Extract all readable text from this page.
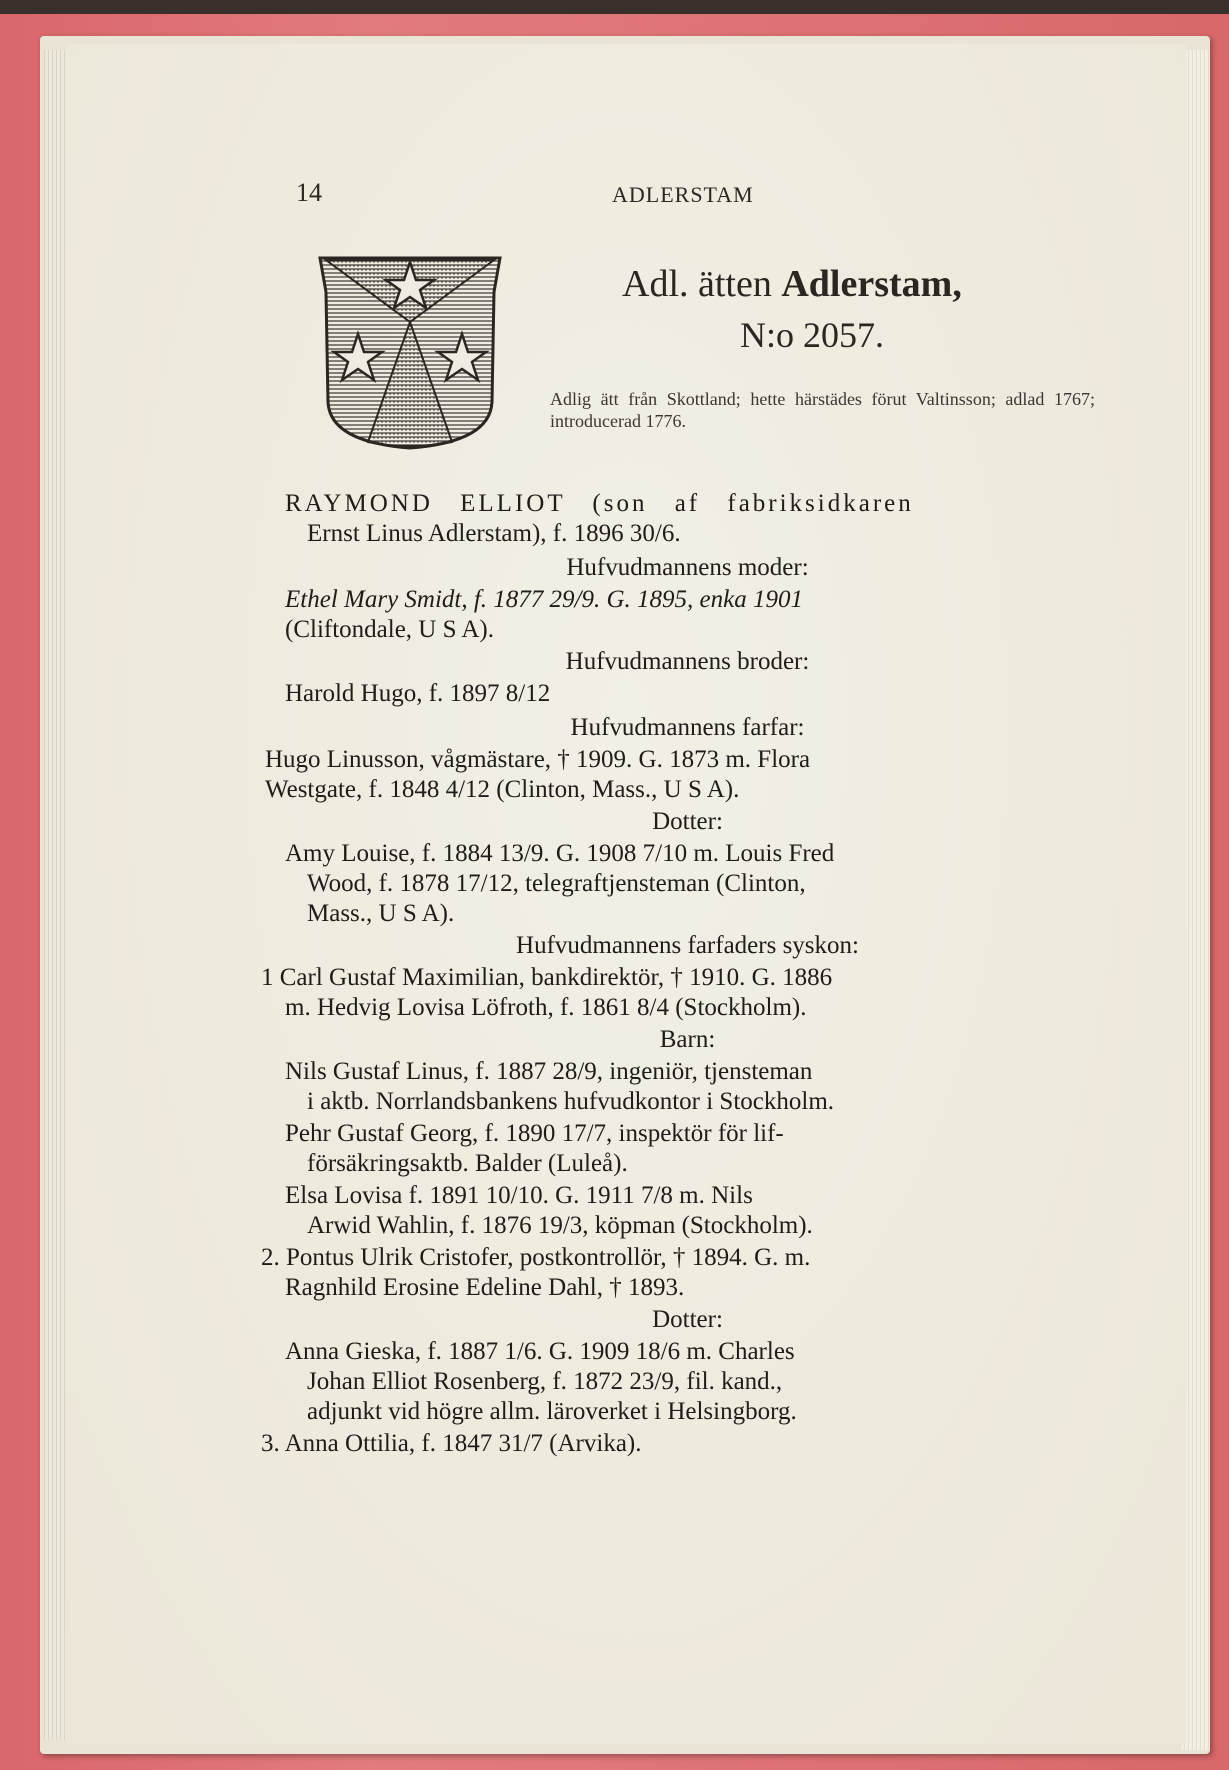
14	ADLERSTAM
Adl. ätten Adlerstam,
N:o 2057.
Adlig ätt från Skottland; hette härstädes förut Valtinsson; adlad 1767; introducerad 1776.
RAYMOND ELLIOT (son af fabriksidkaren
Ernst Linus Adlerstam), f. 1896 30/6.
Hufvudmannens moder:
Ethel Mary Smidt, f. 1877 29/9. G. 1895, enka 1901
(Cliftondale, U S A).
Hufvudmannens broder:
Harold Hugo, f. 1897 8/12
Hufvudmannens farfar:
Hugo Linusson, vågmästare, † 1909. G. 1873 m. Flora
Westgate, f. 1848 4/12 (Clinton, Mass., U S A).
Dotter:
Amy Louise, f. 1884 13/9. G. 1908 7/10 m. Louis Fred
Wood, f. 1878 17/12, telegraftjensteman (Clinton,
Mass., U S A).
Hufvudmannens farfaders syskon:
1 Carl Gustaf Maximilian, bankdirektör, † 1910. G. 1886
m. Hedvig Lovisa Löfroth, f. 1861 8/4 (Stockholm).
Barn:
Nils Gustaf Linus, f. 1887 28/9, ingeniör, tjensteman
i aktb. Norrlandsbankens hufvudkontor i Stockholm.
Pehr Gustaf Georg, f. 1890 17/7, inspektör för lif-
försäkringsaktb. Balder (Luleå).
Elsa Lovisa f. 1891 10/10. G. 1911 7/8 m. Nils
Arwid Wahlin, f. 1876 19/3, köpman (Stockholm).
2. Pontus Ulrik Cristofer, postkontrollör, † 1894. G. m.
Ragnhild Erosine Edeline Dahl, † 1893.
Dotter:
Anna Gieska, f. 1887 1/6. G. 1909 18/6 m. Charles
Johan Elliot Rosenberg, f. 1872 23/9, fil. kand.,
adjunkt vid högre allm. läroverket i Helsingborg.
3. Anna Ottilia, f. 1847 31/7 (Arvika).
